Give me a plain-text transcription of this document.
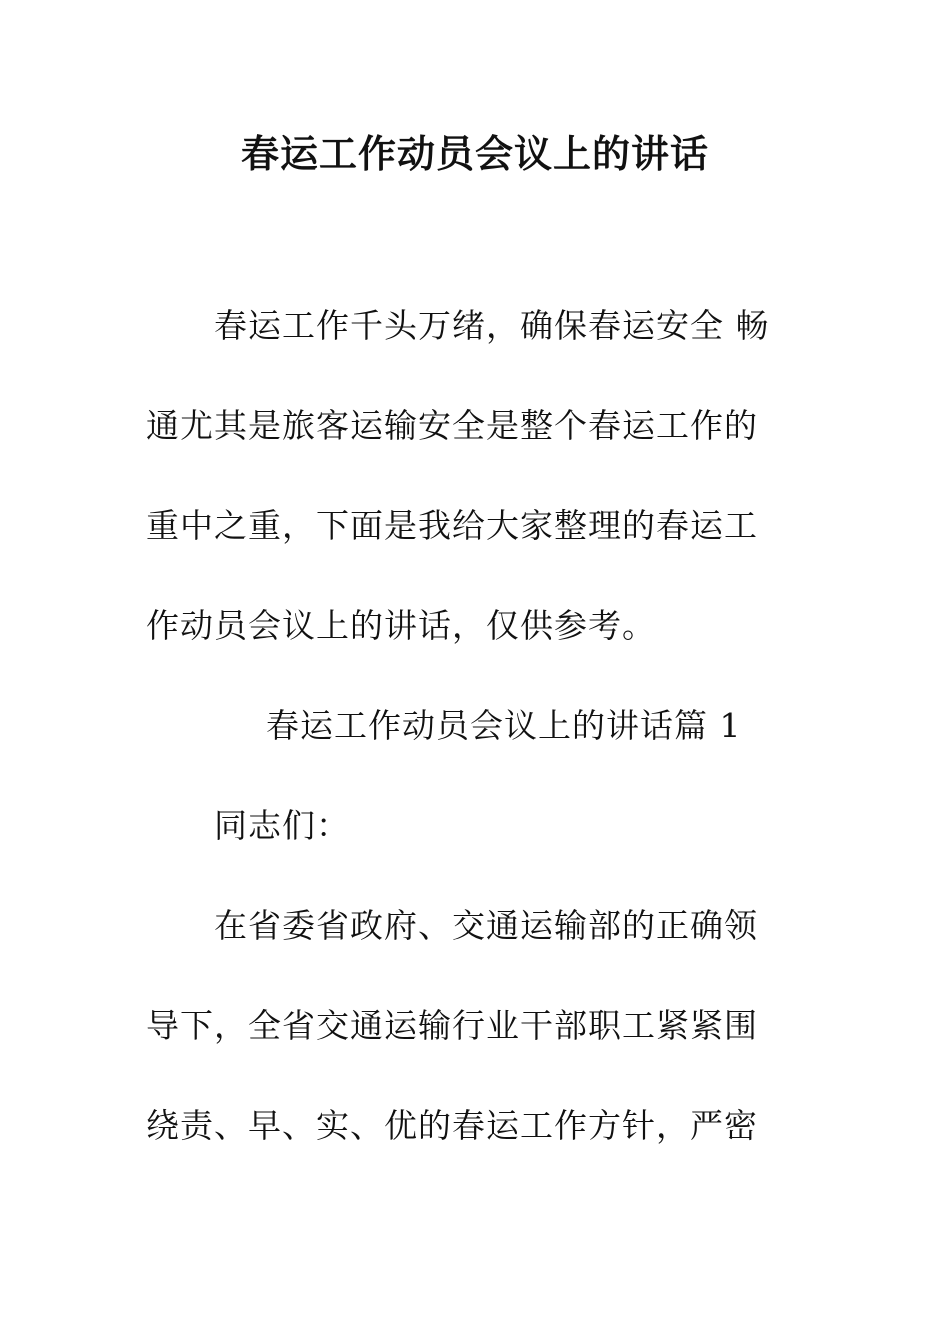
春运工作动员会议上的讲话
春运工作千头万绪，确保春运安全 畅
通尤其是旅客运输安全是整个春运工作的
重中之重，下面是我给大家整理的春运工
作动员会议上的讲话，仅供参考。
春运工作动员会议上的讲话篇 1
同志们：
在省委省政府、交通运输部的正确领
导下，全省交通运输行业干部职工紧紧围
绕责、早、实、优的春运工作方针，严密
